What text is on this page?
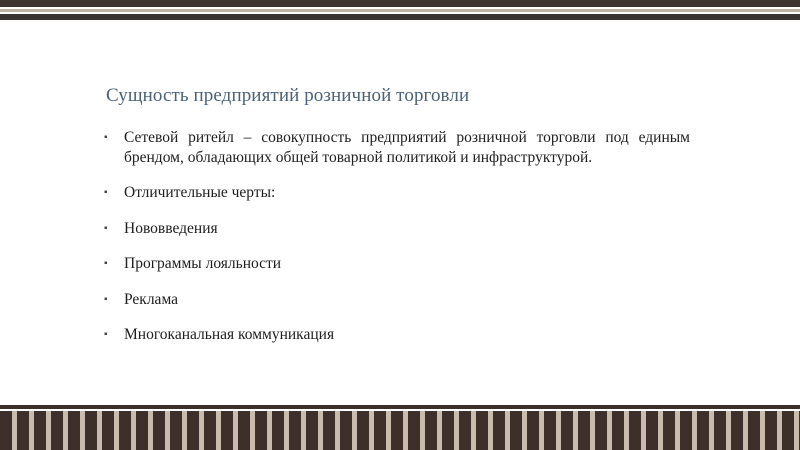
Сущность предприятий розничной торговли
▪	Сетевой ритейл – совокупность предприятий розничной торговли под единым брендом, обладающих общей товарной политикой и инфраструктурой.
▪	Отличительные черты:
▪	Нововведения
▪	Программы лояльности
▪	Реклама
▪	Многоканальная коммуникация
